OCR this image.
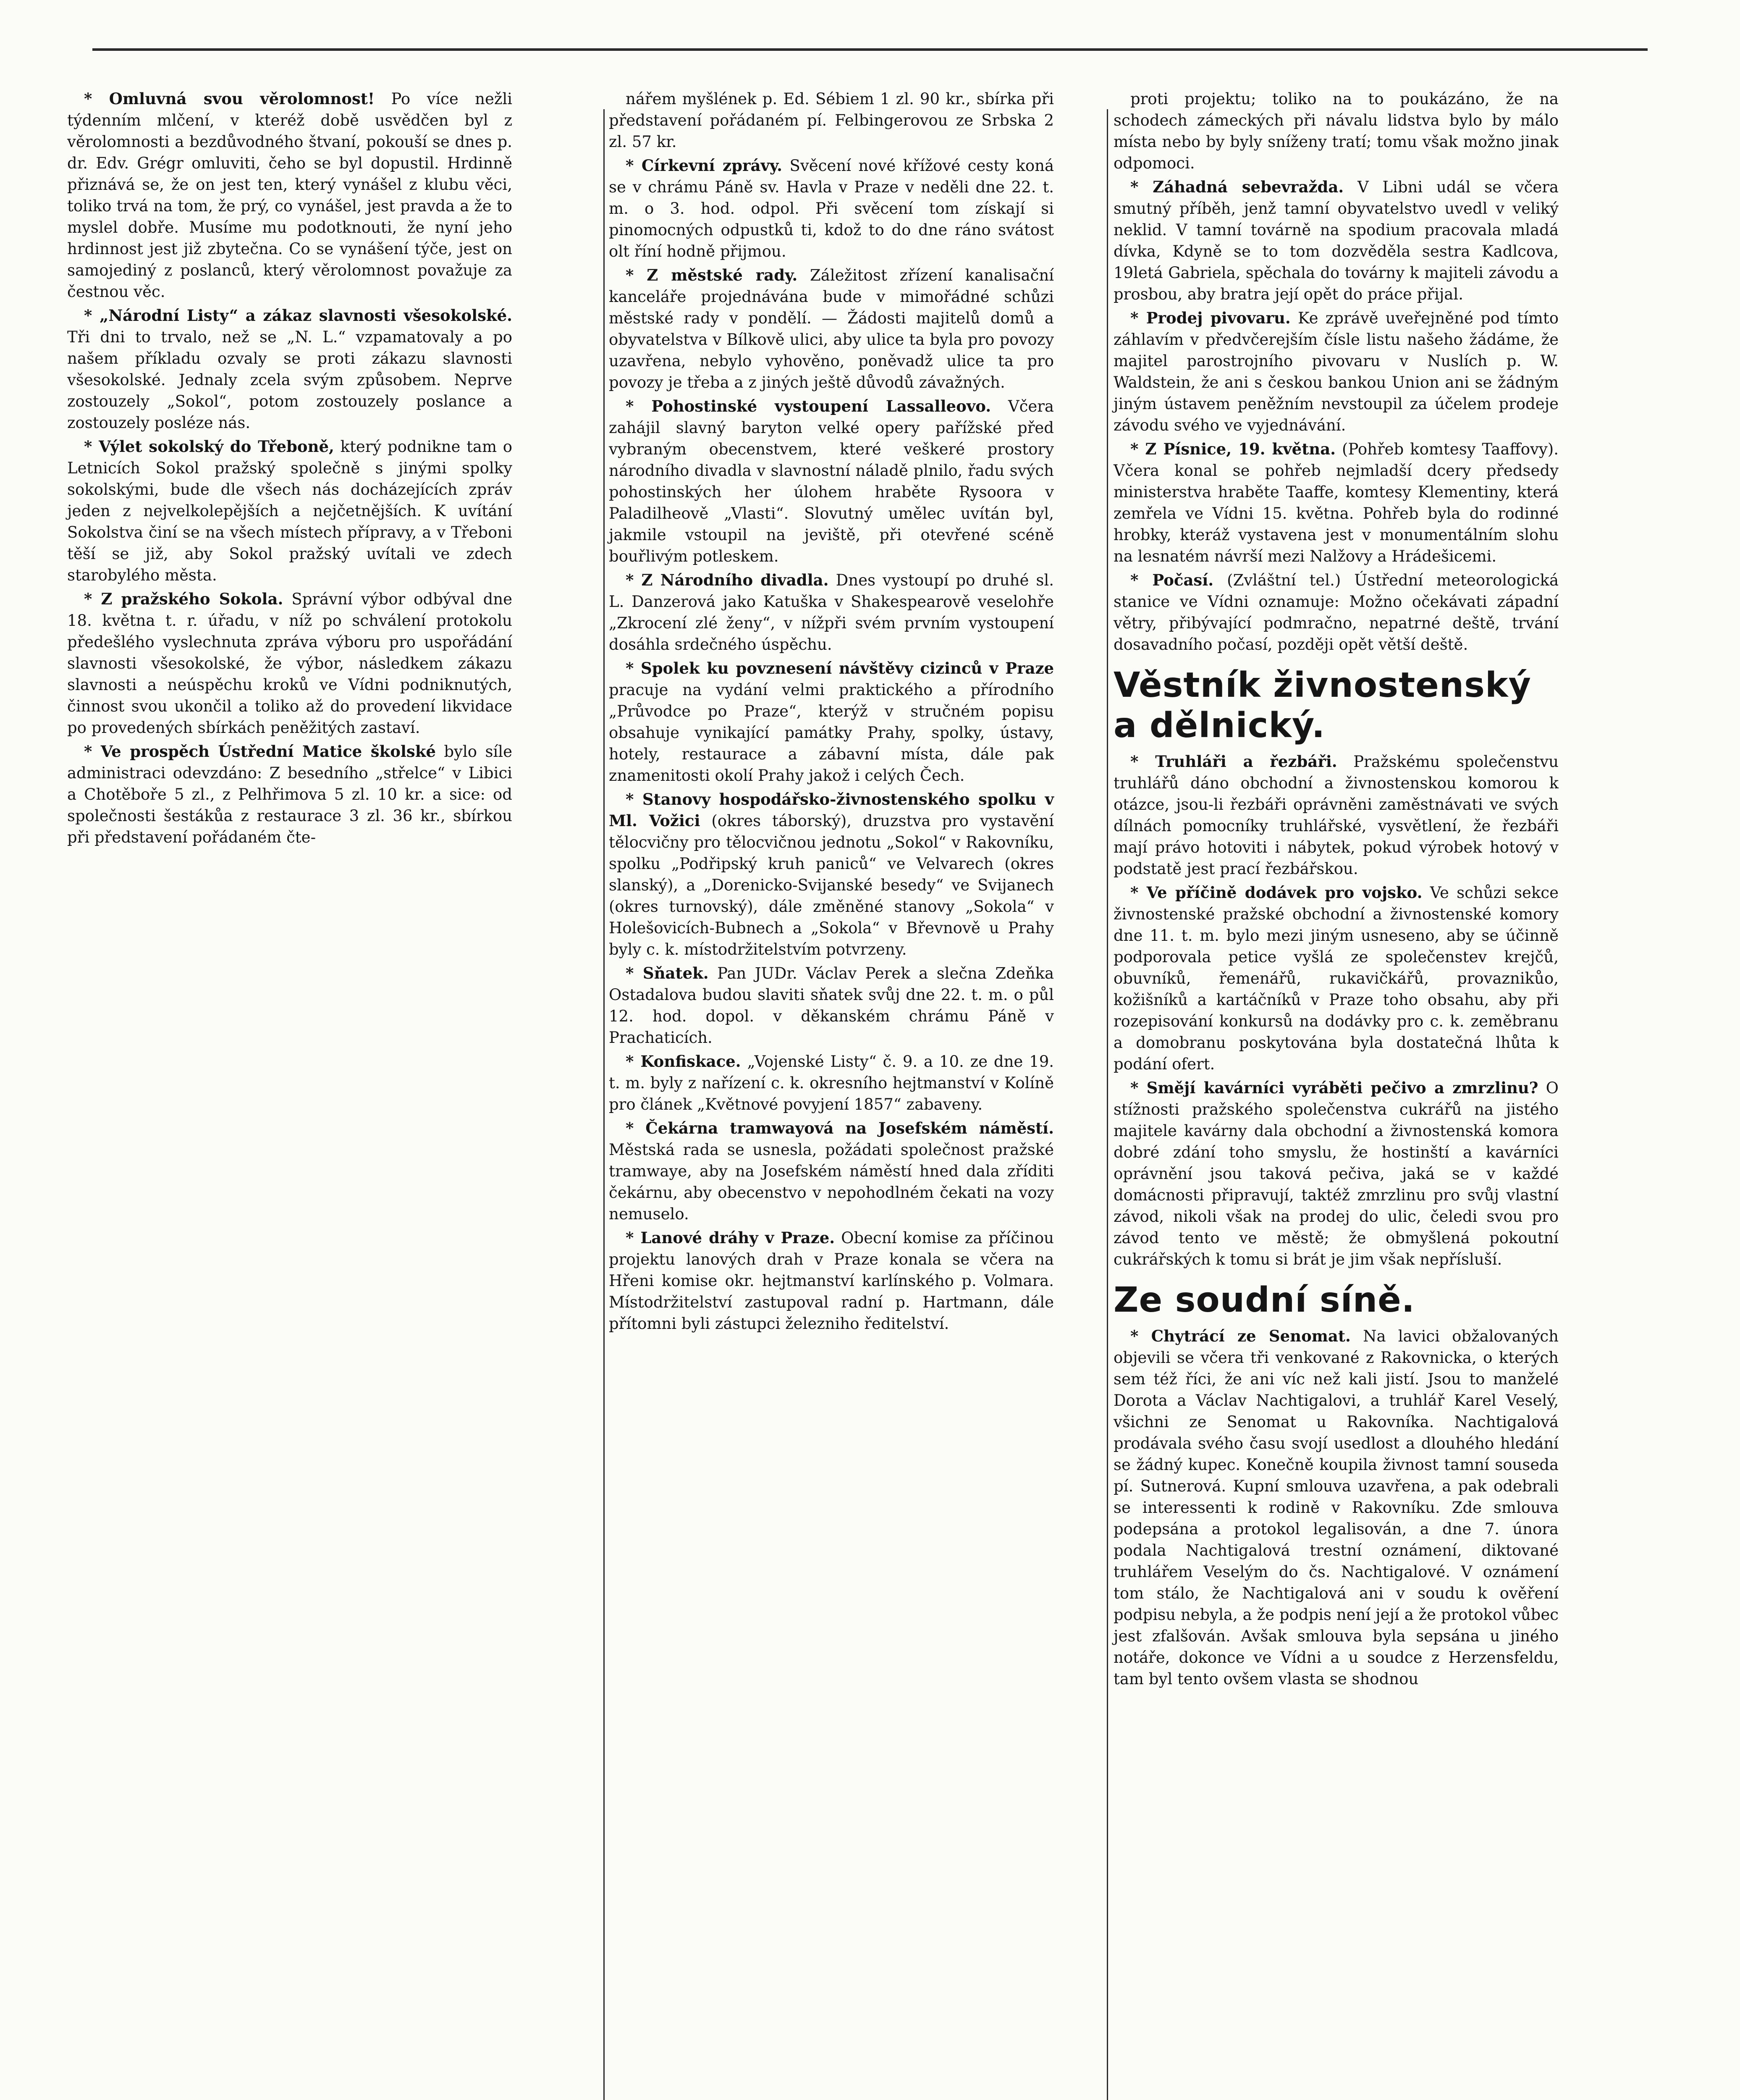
* Omluvná svou věrolomnost! Po více nežli týdenním mlčení, v kteréž době usvědčen byl z věrolomnosti a bezdůvodného štvaní, pokouší se dnes p. dr. Edv. Grégr omluviti, čeho se byl dopustil. Hrdinně přiznává se, že on jest ten, který vynášel z klubu věci, toliko trvá na tom, že prý, co vynášel, jest pravda a že to myslel dobře. Musíme mu podotknouti, že nyní jeho hrdinnost jest již zbytečna. Co se vynášení týče, jest on samojediný z poslanců, který věrolomnost považuje za čestnou věc.

* „Národní Listy“ a zákaz slavnosti všesokolské. Tři dni to trvalo, než se „N. L.“ vzpamatovaly a po našem příkladu ozvaly se proti zákazu slavnosti všesokolské. Jednaly zcela svým způsobem. Neprve zostouzely „Sokol“, potom zostouzely poslance a zostouzely posléze nás.

* Výlet sokolský do Třeboně, který podnikne tam o Letnicích Sokol pražský společně s jinými spolky sokolskými, bude dle všech nás docházejících zpráv jeden z nejvelkolepějších a nejčetnějších. K uvítání Sokolstva činí se na všech místech přípravy, a v Třeboni těší se již, aby Sokol pražský uvítali ve zdech starobylého města.

* Z pražského Sokola. Správní výbor odbýval dne 18. května t. r. úřadu, v níž po schválení protokolu předešlého vyslechnuta zpráva výboru pro uspořádání slavnosti všesokolské, že výbor, následkem zákazu slavnosti a neúspěchu kroků ve Vídni podniknutých, činnost svou ukončil a toliko až do provedení likvidace po provedených sbírkách peněžitých zastaví.

* Ve prospěch Ústřední Matice školské bylo síle administraci odevzdáno: Z besedního „střelce“ v Libici a Chotěboře 5 zl., z Pelhřimova 5 zl. 10 kr. a sice: od společnosti šestákůa z restaurace 3 zl. 36 kr., sbírkou při představení pořádaném čte-

nářem myšlének p. Ed. Sébiem 1 zl. 90 kr., sbírka při představení pořádaném pí. Felbingerovou ze Srbska 2 zl. 57 kr.

* Církevní zprávy. Svěcení nové křížové cesty koná se v chrámu Páně sv. Havla v Praze v neděli dne 22. t. m. o 3. hod. odpol. Při svěcení tom získají si pinomocných odpustků ti, kdož to do dne ráno svátost olt říní hodně přijmou.

* Z městské rady. Záležitost zřízení kanalisační kanceláře projednávána bude v mimořádné schůzi městské rady v pondělí. — Žádosti majitelů domů a obyvatelstva v Bílkově ulici, aby ulice ta byla pro povozy uzavřena, nebylo vyhověno, poněvadž ulice ta pro povozy je třeba a z jiných ještě důvodů závažných.

* Pohostinské vystoupení Lassalleovo. Včera zahájil slavný baryton velké opery pařížské před vybraným obecenstvem, které veškeré prostory národního divadla v slavnostní náladě plnilo, řadu svých pohostinských her úlohem hraběte Rysoora v Paladilheově „Vlasti“. Slovutný umělec uvítán byl, jakmile vstoupil na jeviště, při otevřené scéně bouřlivým potleskem.

* Z Národního divadla. Dnes vystoupí po druhé sl. L. Danzerová jako Katuška v Shakespearově veselohře „Zkrocení zlé ženy“, v nížpři svém prvním vystoupení dosáhla srdečného úspěchu.

* Spolek ku povznesení návštěvy cizinců v Praze pracuje na vydání velmi praktického a přírodního „Průvodce po Praze“, kterýž v stručném popisu obsahuje vynikající památky Prahy, spolky, ústavy, hotely, restaurace a zábavní místa, dále pak znamenitosti okolí Prahy jakož i celých Čech.

* Stanovy hospodářsko-živnostenského spolku v Ml. Vožici (okres táborský), druzstva pro vystavění tělocvičny pro tělocvičnou jednotu „Sokol“ v Rakovníku, spolku „Podřipský kruh paniců“ ve Velvarech (okres slanský), a „Dorenicko-Svijanské besedy“ ve Svijanech (okres turnovský), dále změněné stanovy „Sokola“ v Holešovicích-Bubnech a „Sokola“ v Břevnově u Prahy byly c. k. místodržitelstvím potvrzeny.

* Sňatek. Pan JUDr. Václav Perek a slečna Zdeňka Ostadalova budou slaviti sňatek svůj dne 22. t. m. o půl 12. hod. dopol. v děkanském chrámu Páně v Prachaticích.

* Konfiskace. „Vojenské Listy“ č. 9. a 10. ze dne 19. t. m. byly z nařízení c. k. okresního hejtmanství v Kolíně pro článek „Květnové povyjení 1857“ zabaveny.

* Čekárna tramwayová na Josefském náměstí. Městská rada se usnesla, požádati společnost pražské tramwaye, aby na Josefském náměstí hned dala zříditi čekárnu, aby obecenstvo v nepohodlném čekati na vozy nemuselo.

* Lanové dráhy v Praze. Obecní komise za příčinou projektu lanových drah v Praze konala se včera na Hřeni komise okr. hejtmanství karlínského p. Volmara. Místodržitelství zastupoval radní p. Hartmann, dále přítomni byli zástupci železniho ředitelství.

proti projektu; toliko na to poukázáno, že na schodech zámeckých při návalu lidstva bylo by málo místa nebo by byly sníženy tratí; tomu však možno jinak odpomoci.

* Záhadná sebevražda. V Libni udál se včera smutný příběh, jenž tamní obyvatelstvo uvedl v veliký neklid. V tamní továrně na spodium pracovala mladá dívka, Kdyně se to tom dozvěděla sestra Kadlcova, 19letá Gabriela, spěchala do továrny k majiteli závodu a prosbou, aby bratra její opět do práce přijal.

* Prodej pivovaru. Ke zprávě uveřejněné pod tímto záhlavím v předvčerejším čísle listu našeho žádáme, že majitel parostrojního pivovaru v Nuslích p. W. Waldstein, že ani s českou bankou Union ani se žádným jiným ústavem peněžním nevstoupil za účelem prodeje závodu svého ve vyjednávání.

* Z Písnice, 19. května. (Pohřeb komtesy Taaffovy). Včera konal se pohřeb nejmladší dcery předsedy ministerstva hraběte Taaffe, komtesy Klementiny, která zemřela ve Vídni 15. května. Pohřeb byla do rodinné hrobky, kteráž vystavena jest v monumentálním slohu na lesnatém návrší mezi Nalžovy a Hrádešicemi.

* Počasí. (Zvláštní tel.) Ústřední meteorologická stanice ve Vídni oznamuje: Možno očekávati západní větry, přibývající podmračno, nepatrné deště, trvání dosavadního počasí, později opět větší deště.

Věstník živnostenský a dělnický.

* Truhláři a řezbáři. Pražskému společenstvu truhlářů dáno obchodní a živnostenskou komorou k otázce, jsou-li řezbáři oprávněni zaměstnávati ve svých dílnách pomocníky truhlářské, vysvětlení, že řezbáři mají právo hotoviti i nábytek, pokud výrobek hotový v podstatě jest prací řezbářskou.

* Ve příčině dodávek pro vojsko. Ve schůzi sekce živnostenské pražské obchodní a živnostenské komory dne 11. t. m. bylo mezi jiným usneseno, aby se účinně podporovala petice vyšlá ze společenstev krejčů, obuvníků, řemenářů, rukavičkářů, provaznikůo, kožišníků a kartáčníků v Praze toho obsahu, aby při rozepisování konkursů na dodávky pro c. k. zeměbranu a domobranu poskytována byla dostatečná lhůta k podání ofert.

* Smějí kavárníci vyráběti pečivo a zmrzlinu? O stížnosti pražského společenstva cukrářů na jistého majitele kavárny dala obchodní a živnostenská komora dobré zdání toho smyslu, že hostinští a kavárníci oprávnění jsou taková pečiva, jaká se v každé domácnosti připravují, taktéž zmrzlinu pro svůj vlastní závod, nikoli však na prodej do ulic, čeledi svou pro závod tento ve městě; že obmyšlená pokoutní cukrářských k tomu si brát je jim však nepřísluší.

Ze soudní síně.

* Chytrácí ze Senomat. Na lavici obžalovaných objevili se včera tři venkované z Rakovnicka, o kterých sem též říci, že ani víc než kali jistí. Jsou to manželé Dorota a Václav Nachtigalovi, a truhlář Karel Veselý, všichni ze Senomat u Rakovníka. Nachtigalová prodávala svého času svojí usedlost a dlouhého hledání se žádný kupec. Konečně koupila živnost tamní souseda pí. Sutnerová. Kupní smlouva uzavřena, a pak odebrali se interessenti k rodině v Rakovníku. Zde smlouva podepsána a protokol legalisován, a dne 7. února podala Nachtigalová trestní oznámení, diktované truhlářem Veselým do čs. Nachtigalové. V oznámení tom stálo, že Nachtigalová ani v soudu k ověření podpisu nebyla, a že podpis není její a že protokol vůbec jest zfalšován. Avšak smlouva byla sepsána u jiného notáře, dokonce ve Vídni a u soudce z Herzensfeldu, tam byl tento ovšem vlasta se shodnou
